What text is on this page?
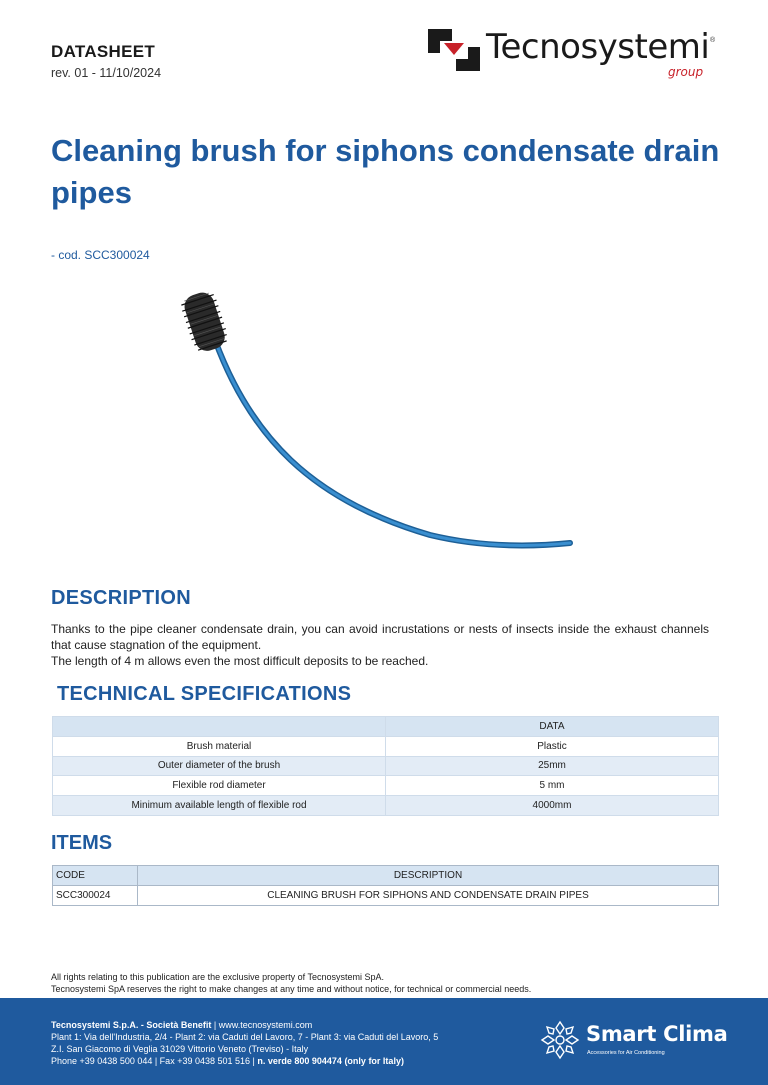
DATASHEET
rev. 01 - 11/10/2024
Tecnosystemi ®
group
Cleaning brush for siphons condensate drain pipes
- cod. SCC300024
DESCRIPTION
Thanks to the pipe cleaner condensate drain, you can avoid incrustations or nests of insects inside the exhaust channels that cause stagnation of the equipment.
The length of 4 m allows even the most difficult deposits to be reached.
TECHNICAL SPECIFICATIONS
	DATA
Brush material	Plastic
Outer diameter of the brush	25mm
Flexible rod diameter	5 mm
Minimum available length of flexible rod	4000mm
ITEMS
CODE	DESCRIPTION
SCC300024	CLEANING BRUSH FOR SIPHONS AND CONDENSATE DRAIN PIPES
All rights relating to this publication are the exclusive property of Tecnosystemi SpA.
Tecnosystemi SpA reserves the right to make changes at any time and without notice, for technical or commercial needs.
Tecnosystemi S.p.A. - Società Benefit | www.tecnosystemi.com
Plant 1: Via dell'Industria, 2/4 - Plant 2: via Caduti del Lavoro, 7 - Plant 3: via Caduti del Lavoro, 5
Z.I. San Giacomo di Veglia 31029 Vittorio Veneto (Treviso) - Italy
Phone +39 0438 500 044 | Fax +39 0438 501 516 | n. verde 800 904474 (only for Italy)
Smart Clima
Accessories for Air Conditioning
